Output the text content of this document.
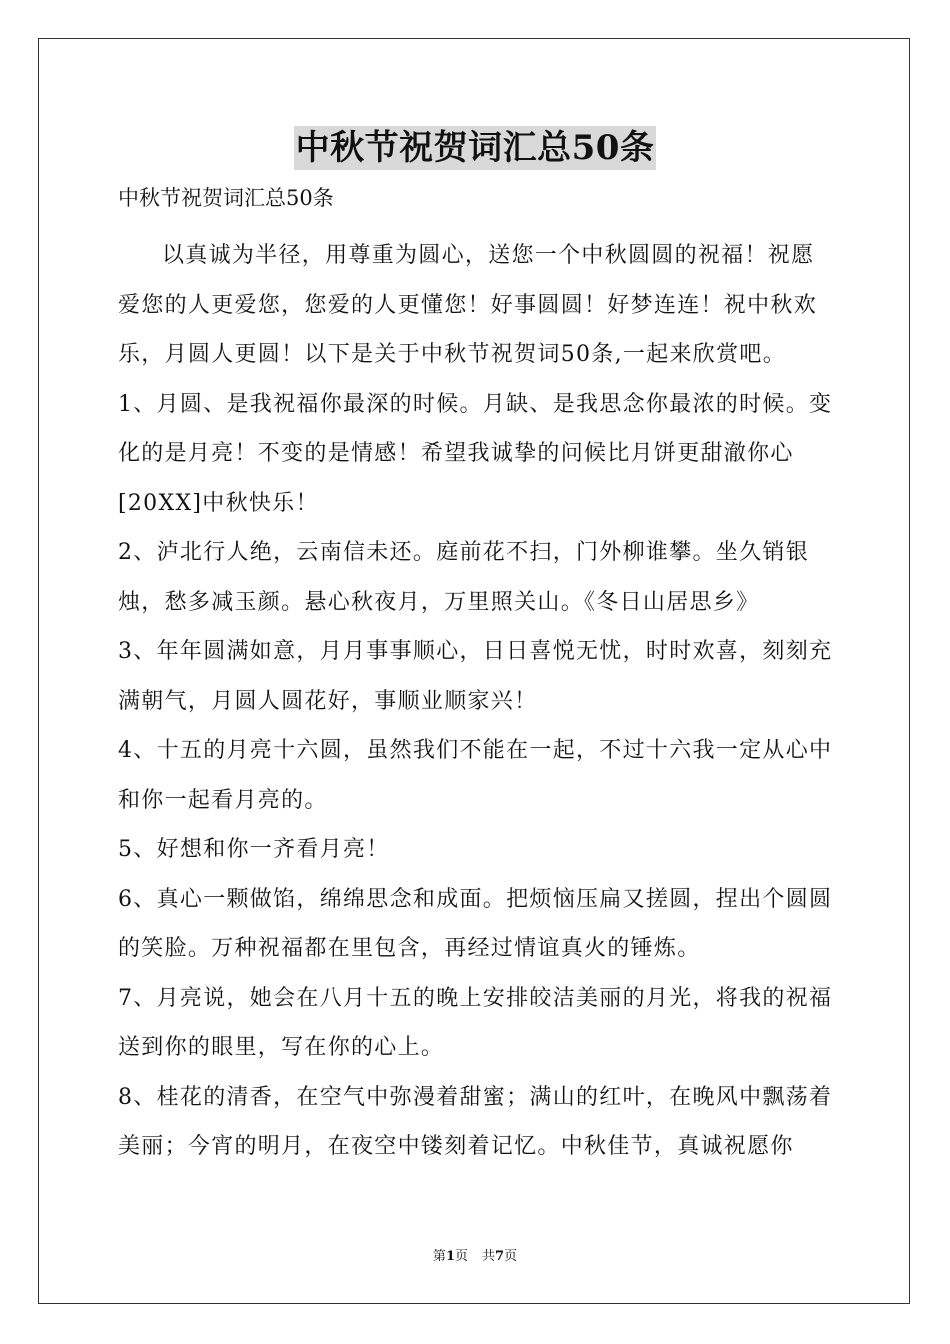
中秋节祝贺词汇总50条
中秋节祝贺词汇总50条

以真诚为半径，用尊重为圆心，送您一个中秋圆圆的祝福！祝愿爱您的人更爱您，您爱的人更懂您！好事圆圆！好梦连连！祝中秋欢乐，月圆人更圆！以下是关于中秋节祝贺词50条,一起来欣赏吧。

1、月圆、是我祝福你最深的时候。月缺、是我思念你最浓的时候。变化的是月亮！不变的是情感！希望我诚挚的问候比月饼更甜澈你心[20XX]中秋快乐！

2、泸北行人绝，云南信未还。庭前花不扫，门外柳谁攀。坐久销银烛，愁多减玉颜。悬心秋夜月，万里照关山。《冬日山居思乡》

3、年年圆满如意，月月事事顺心，日日喜悦无忧，时时欢喜，刻刻充满朝气，月圆人圆花好，事顺业顺家兴！

4、十五的月亮十六圆，虽然我们不能在一起，不过十六我一定从心中和你一起看月亮的。

5、好想和你一齐看月亮！

6、真心一颗做馅，绵绵思念和成面。把烦恼压扁又搓圆，捏出个圆圆的笑脸。万种祝福都在里包含，再经过情谊真火的锤炼。

7、月亮说，她会在八月十五的晚上安排皎洁美丽的月光，将我的祝福送到你的眼里，写在你的心上。

8、桂花的清香，在空气中弥漫着甜蜜；满山的红叶，在晚风中飘荡着美丽；今宵的明月，在夜空中镂刻着记忆。中秋佳节，真诚祝愿你

第1页 共7页
